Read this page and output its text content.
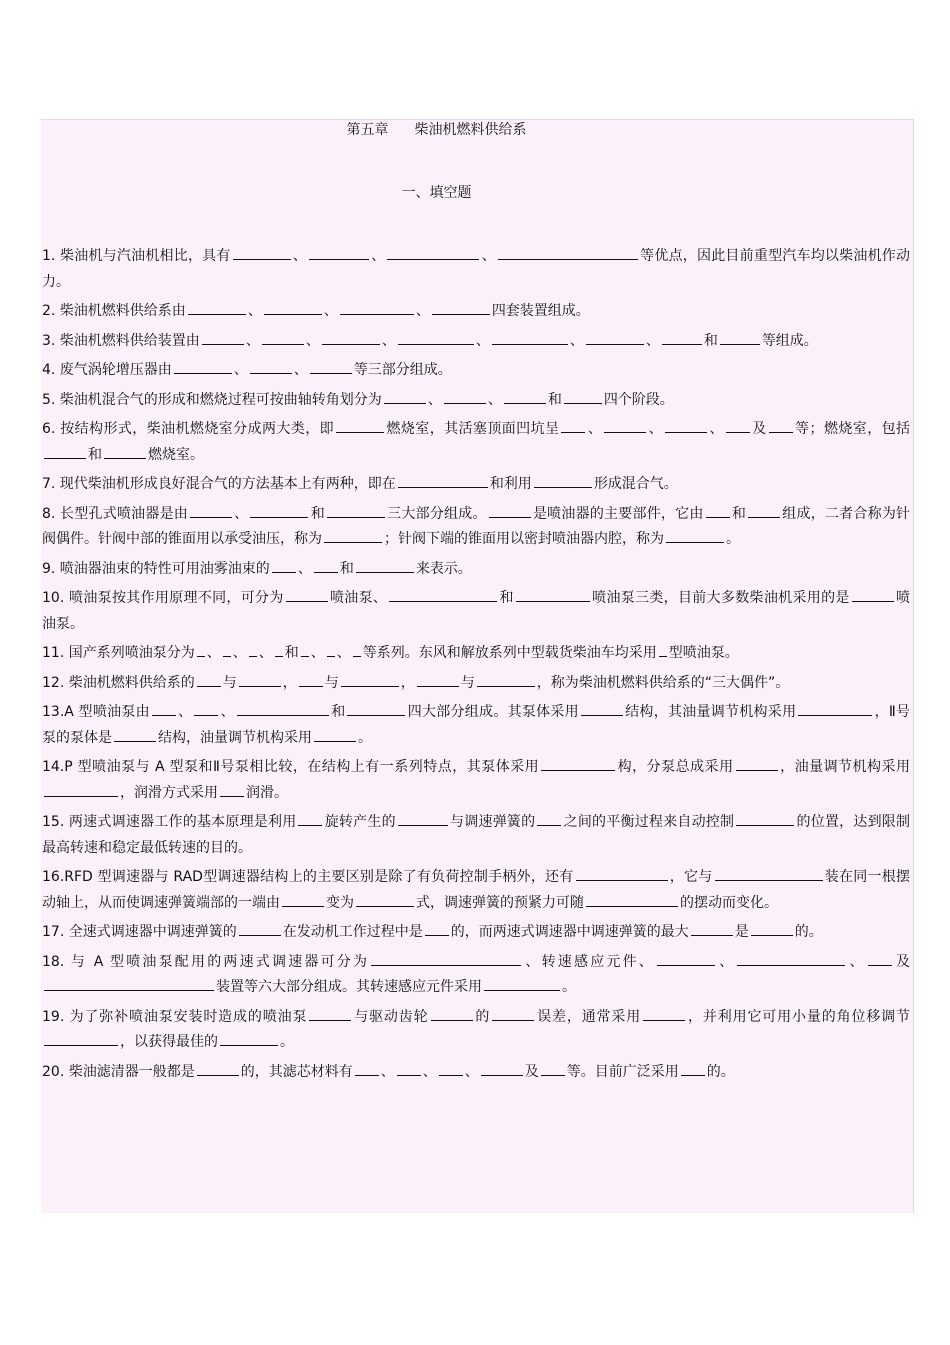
第五章 柴油机燃料供给系
一、填空题

1. 柴油机与汽油机相比，具有	、	、	、	等优点，因此目前重型汽车均以柴油机作动力。

2. 柴油机燃料供给系由	、	、	、	四套装置组成。

3. 柴油机燃料供给装置由	、	、	、	、	、	、	和	等组成。

4. 废气涡轮增压器由	、	、	等三部分组成。

5. 柴油机混合气的形成和燃烧过程可按曲轴转角划分为	、	、	和	四个阶段。

6. 按结构形式，柴油机燃烧室分成两大类，即	燃烧室，其活塞顶面凹坑呈 、	、	、 及 等；燃烧室，包括和	燃烧室。

7. 现代柴油机形成良好混合气的方法基本上有两种，即在	和利用	形成混合气。

8. 长型孔式喷油器是由	、	和	三大部分组成。	是喷油器的主要部件，它由 和	组成，二者合称为针阀偶件。针阀中部的锥面用以承受油压，称为	；针阀下端的锥面用以密封喷油器内腔，称为	。

9. 喷油器油束的特性可用油雾油束的 、 和	来表示。

10. 喷油泵按其作用原理不同，可分为	喷油泵、	和	喷油泵三类，目前大多数柴油机采用的是	喷油泵。

11. 国产系列喷油泵分为 、 、 、 和 、 、 等系列。东风和解放系列中型载货柴油车均采用 型喷油泵。

12. 柴油机燃料供给系的 与	， 与	，	与	，称为柴油机燃料供给系的“三大偶件”。

13.A 型喷油泵由 、 、	和	四大部分组成。其泵体采用	结构，其油量调节机构采用	，Ⅱ号泵的泵体是	结构，油量调节机构采用	。

14.P 型喷油泵与 A 型泵和Ⅱ号泵相比较，在结构上有一系列特点，其泵体采用	构，分泵总成采用	，油量调节机构采用，润滑方式采用 润滑。

15. 两速式调速器工作的基本原理是利用 旋转产生的	与调速弹簧的 之间的平衡过程来自动控制	的位置，达到限制最高转速和稳定最低转速的目的。

16.RFD 型调速器与 RAD型调速器结构上的主要区别是除了有负荷控制手柄外，还有	，它与	装在同一根摆动轴上，从而使调速弹簧端部的一端由	变为	式，调速弹簧的预紧力可随	的摆动而变化。

17. 全速式调速器中调速弹簧的	在发动机工作过程中是 的，而两速式调速器中调速弹簧的最大	是	的。

18. 与 A 型喷油泵配用的两速式调速器可分为	、转速感应元件、	、	、 及装置等六大部分组成。其转速感应元件采用	。

19. 为了弥补喷油泵安装时造成的喷油泵	与驱动齿轮	的	误差，通常采用	，并利用它可用小量的角位移调节，以获得最佳的	。

20. 柴油滤清器一般都是	的，其滤芯材料有 、 、 、	及 等。目前广泛采用 的。
